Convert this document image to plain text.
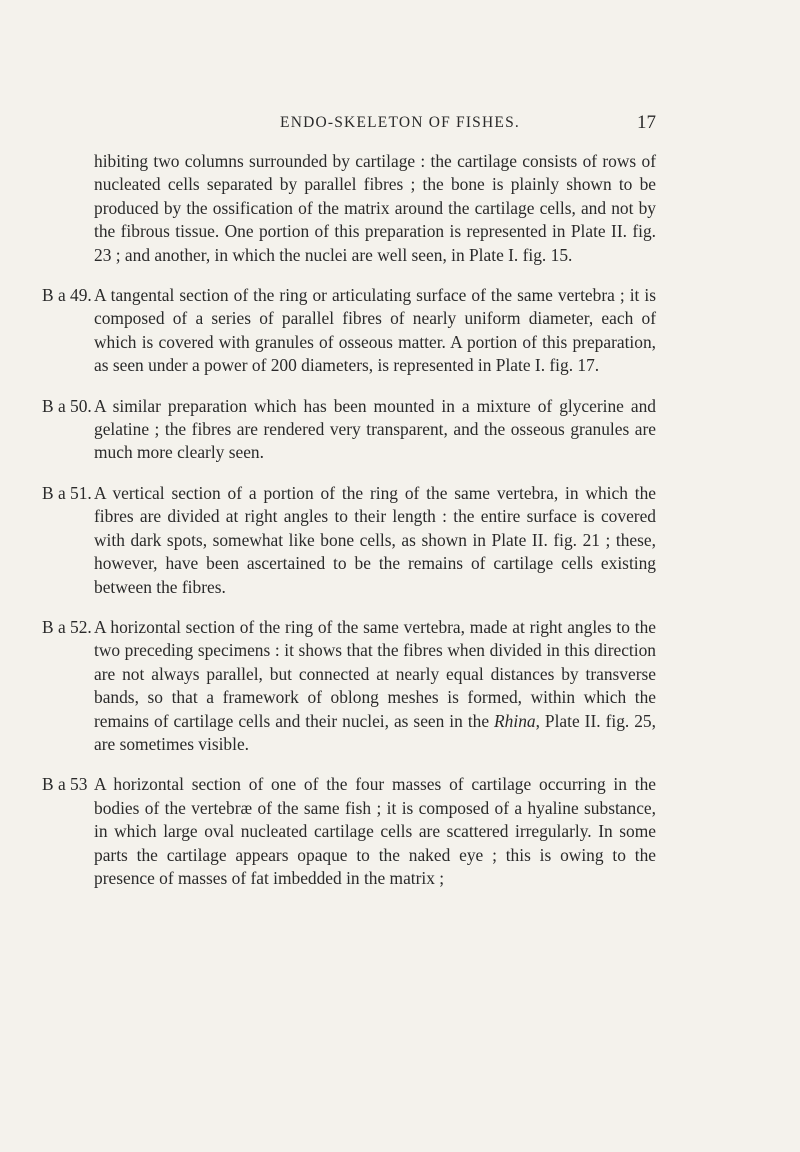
ENDO-SKELETON OF FISHES.	17

hibiting two columns surrounded by cartilage : the cartilage consists of rows of nucleated cells separated by parallel fibres ; the bone is plainly shown to be produced by the ossification of the matrix around the cartilage cells, and not by the fibrous tissue. One portion of this preparation is represented in Plate II. fig. 23 ; and another, in which the nuclei are well seen, in Plate I. fig. 15.

B a 49. A tangental section of the ring or articulating surface of the same vertebra ; it is composed of a series of parallel fibres of nearly uniform diameter, each of which is covered with granules of osseous matter. A portion of this preparation, as seen under a power of 200 diameters, is represented in Plate I. fig. 17.

B a 50. A similar preparation which has been mounted in a mixture of glycerine and gelatine ; the fibres are rendered very transparent, and the osseous granules are much more clearly seen.

B a 51. A vertical section of a portion of the ring of the same vertebra, in which the fibres are divided at right angles to their length : the entire surface is covered with dark spots, somewhat like bone cells, as shown in Plate II. fig. 21 ; these, however, have been ascertained to be the remains of cartilage cells existing between the fibres.

B a 52. A horizontal section of the ring of the same vertebra, made at right angles to the two preceding specimens : it shows that the fibres when divided in this direction are not always parallel, but connected at nearly equal distances by transverse bands, so that a framework of oblong meshes is formed, within which the remains of cartilage cells and their nuclei, as seen in the Rhina, Plate II. fig. 25, are sometimes visible.

B a 53 A horizontal section of one of the four masses of cartilage occurring in the bodies of the vertebræ of the same fish ; it is composed of a hyaline substance, in which large oval nucleated cartilage cells are scattered irregularly. In some parts the cartilage appears opaque to the naked eye ; this is owing to the presence of masses of fat imbedded in the matrix ;
